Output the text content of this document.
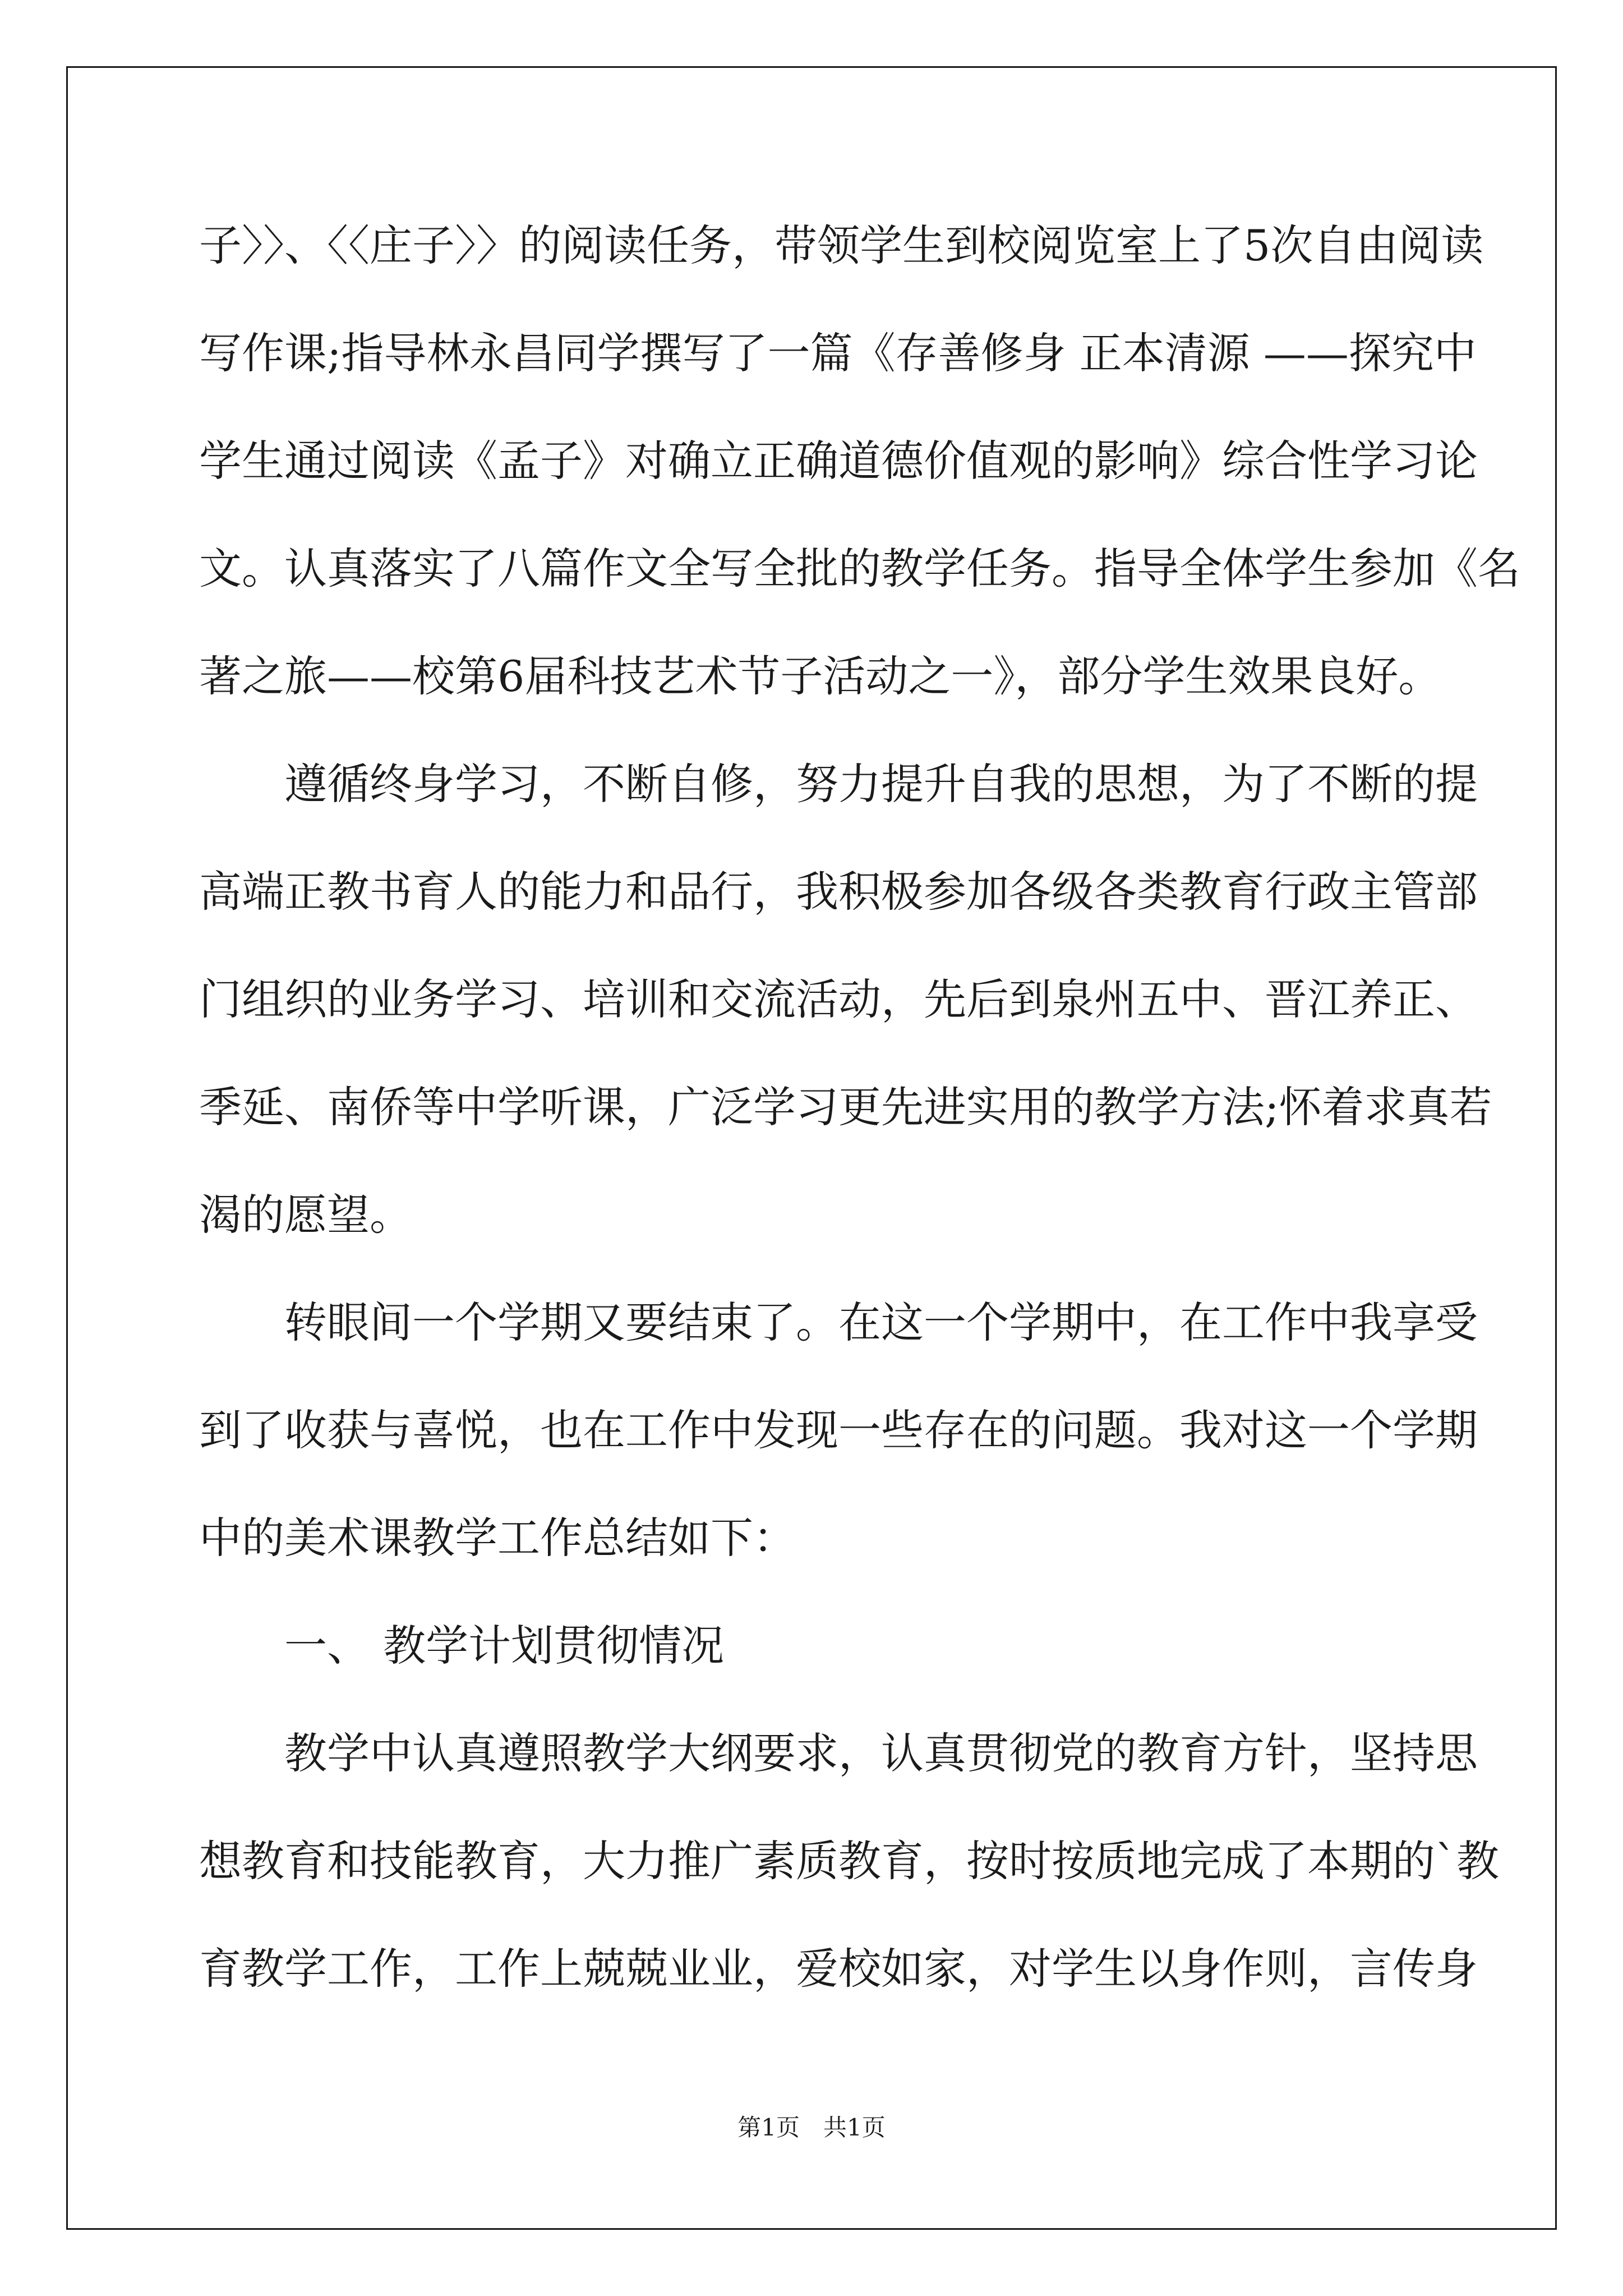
子〉〉、〈〈庄子〉〉的阅读任务，带领学生到校阅览室上了5次自由阅读
写作课;指导林永昌同学撰写了一篇《存善修身 正本清源 ——探究中
学生通过阅读《孟子》对确立正确道德价值观的影响》综合性学习论
文。认真落实了八篇作文全写全批的教学任务。指导全体学生参加《名
著之旅——校第6届科技艺术节子活动之一》，部分学生效果良好。
　　遵循终身学习，不断自修，努力提升自我的思想，为了不断的提
高端正教书育人的能力和品行，我积极参加各级各类教育行政主管部
门组织的业务学习、培训和交流活动，先后到泉州五中、晋江养正、
季延、南侨等中学听课，广泛学习更先进实用的教学方法;怀着求真若
渴的愿望。
　　转眼间一个学期又要结束了。在这一个学期中，在工作中我享受
到了收获与喜悦，也在工作中发现一些存在的问题。我对这一个学期
中的美术课教学工作总结如下：
　　一、 教学计划贯彻情况
　　教学中认真遵照教学大纲要求，认真贯彻党的教育方针，坚持思
想教育和技能教育，大力推广素质教育，按时按质地完成了本期的`教
育教学工作，工作上兢兢业业，爱校如家，对学生以身作则，言传身
第1页　共1页
